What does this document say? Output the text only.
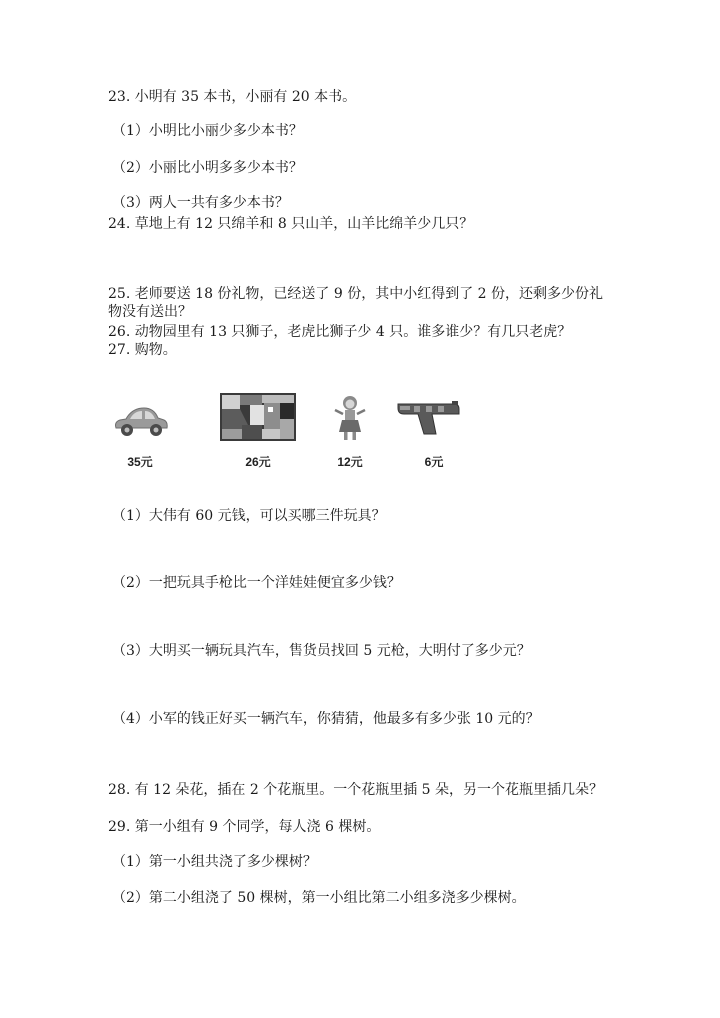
23. 小明有 35 本书，小丽有 20 本书。
（1）小明比小丽少多少本书？
（2）小丽比小明多多少本书？
（3）两人一共有多少本书？
24. 草地上有 12 只绵羊和 8 只山羊，山羊比绵羊少几只？
25. 老师要送 18 份礼物，已经送了 9 份，其中小红得到了 2 份，还剩多少份礼
物没有送出？
26. 动物园里有 13 只狮子，老虎比狮子少 4 只。谁多谁少？有几只老虎？
27. 购物。
35元	26元	12元	6元
（1）大伟有 60 元钱，可以买哪三件玩具？
（2）一把玩具手枪比一个洋娃娃便宜多少钱？
（3）大明买一辆玩具汽车，售货员找回 5 元枪，大明付了多少元？
（4）小军的钱正好买一辆汽车，你猜猜，他最多有多少张 10 元的？
28. 有 12 朵花，插在 2 个花瓶里。一个花瓶里插 5 朵，另一个花瓶里插几朵？
29. 第一小组有 9 个同学，每人浇 6 棵树。
（1）第一小组共浇了多少棵树？
（2）第二小组浇了 50 棵树，第一小组比第二小组多浇多少棵树。
